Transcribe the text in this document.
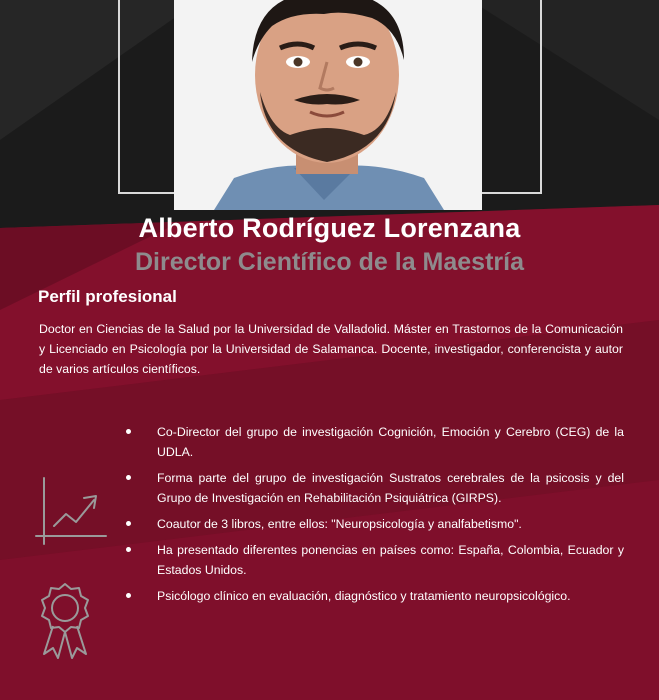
Alberto Rodríguez Lorenzana
Director Científico de la Maestría
Perfil profesional
Doctor en Ciencias de la Salud por la Universidad de Valladolid. Máster en Trastornos de la Comunicación y Licenciado en Psicología por la Universidad de Salamanca. Docente, investigador, conferencista y autor de varios artículos científicos.
Co-Director del grupo de investigación Cognición, Emoción y Cerebro (CEG) de la UDLA.
Forma parte del grupo de investigación Sustratos cerebrales de la psicosis y del Grupo de Investigación en Rehabilitación Psiquiátrica (GIRPS).
Coautor de 3 libros, entre ellos: "Neuropsicología y analfabetismo".
Ha presentado diferentes ponencias en países como: España, Colombia, Ecuador y Estados Unidos.
Psicólogo clínico en evaluación, diagnóstico y tratamiento neuropsicológico.
